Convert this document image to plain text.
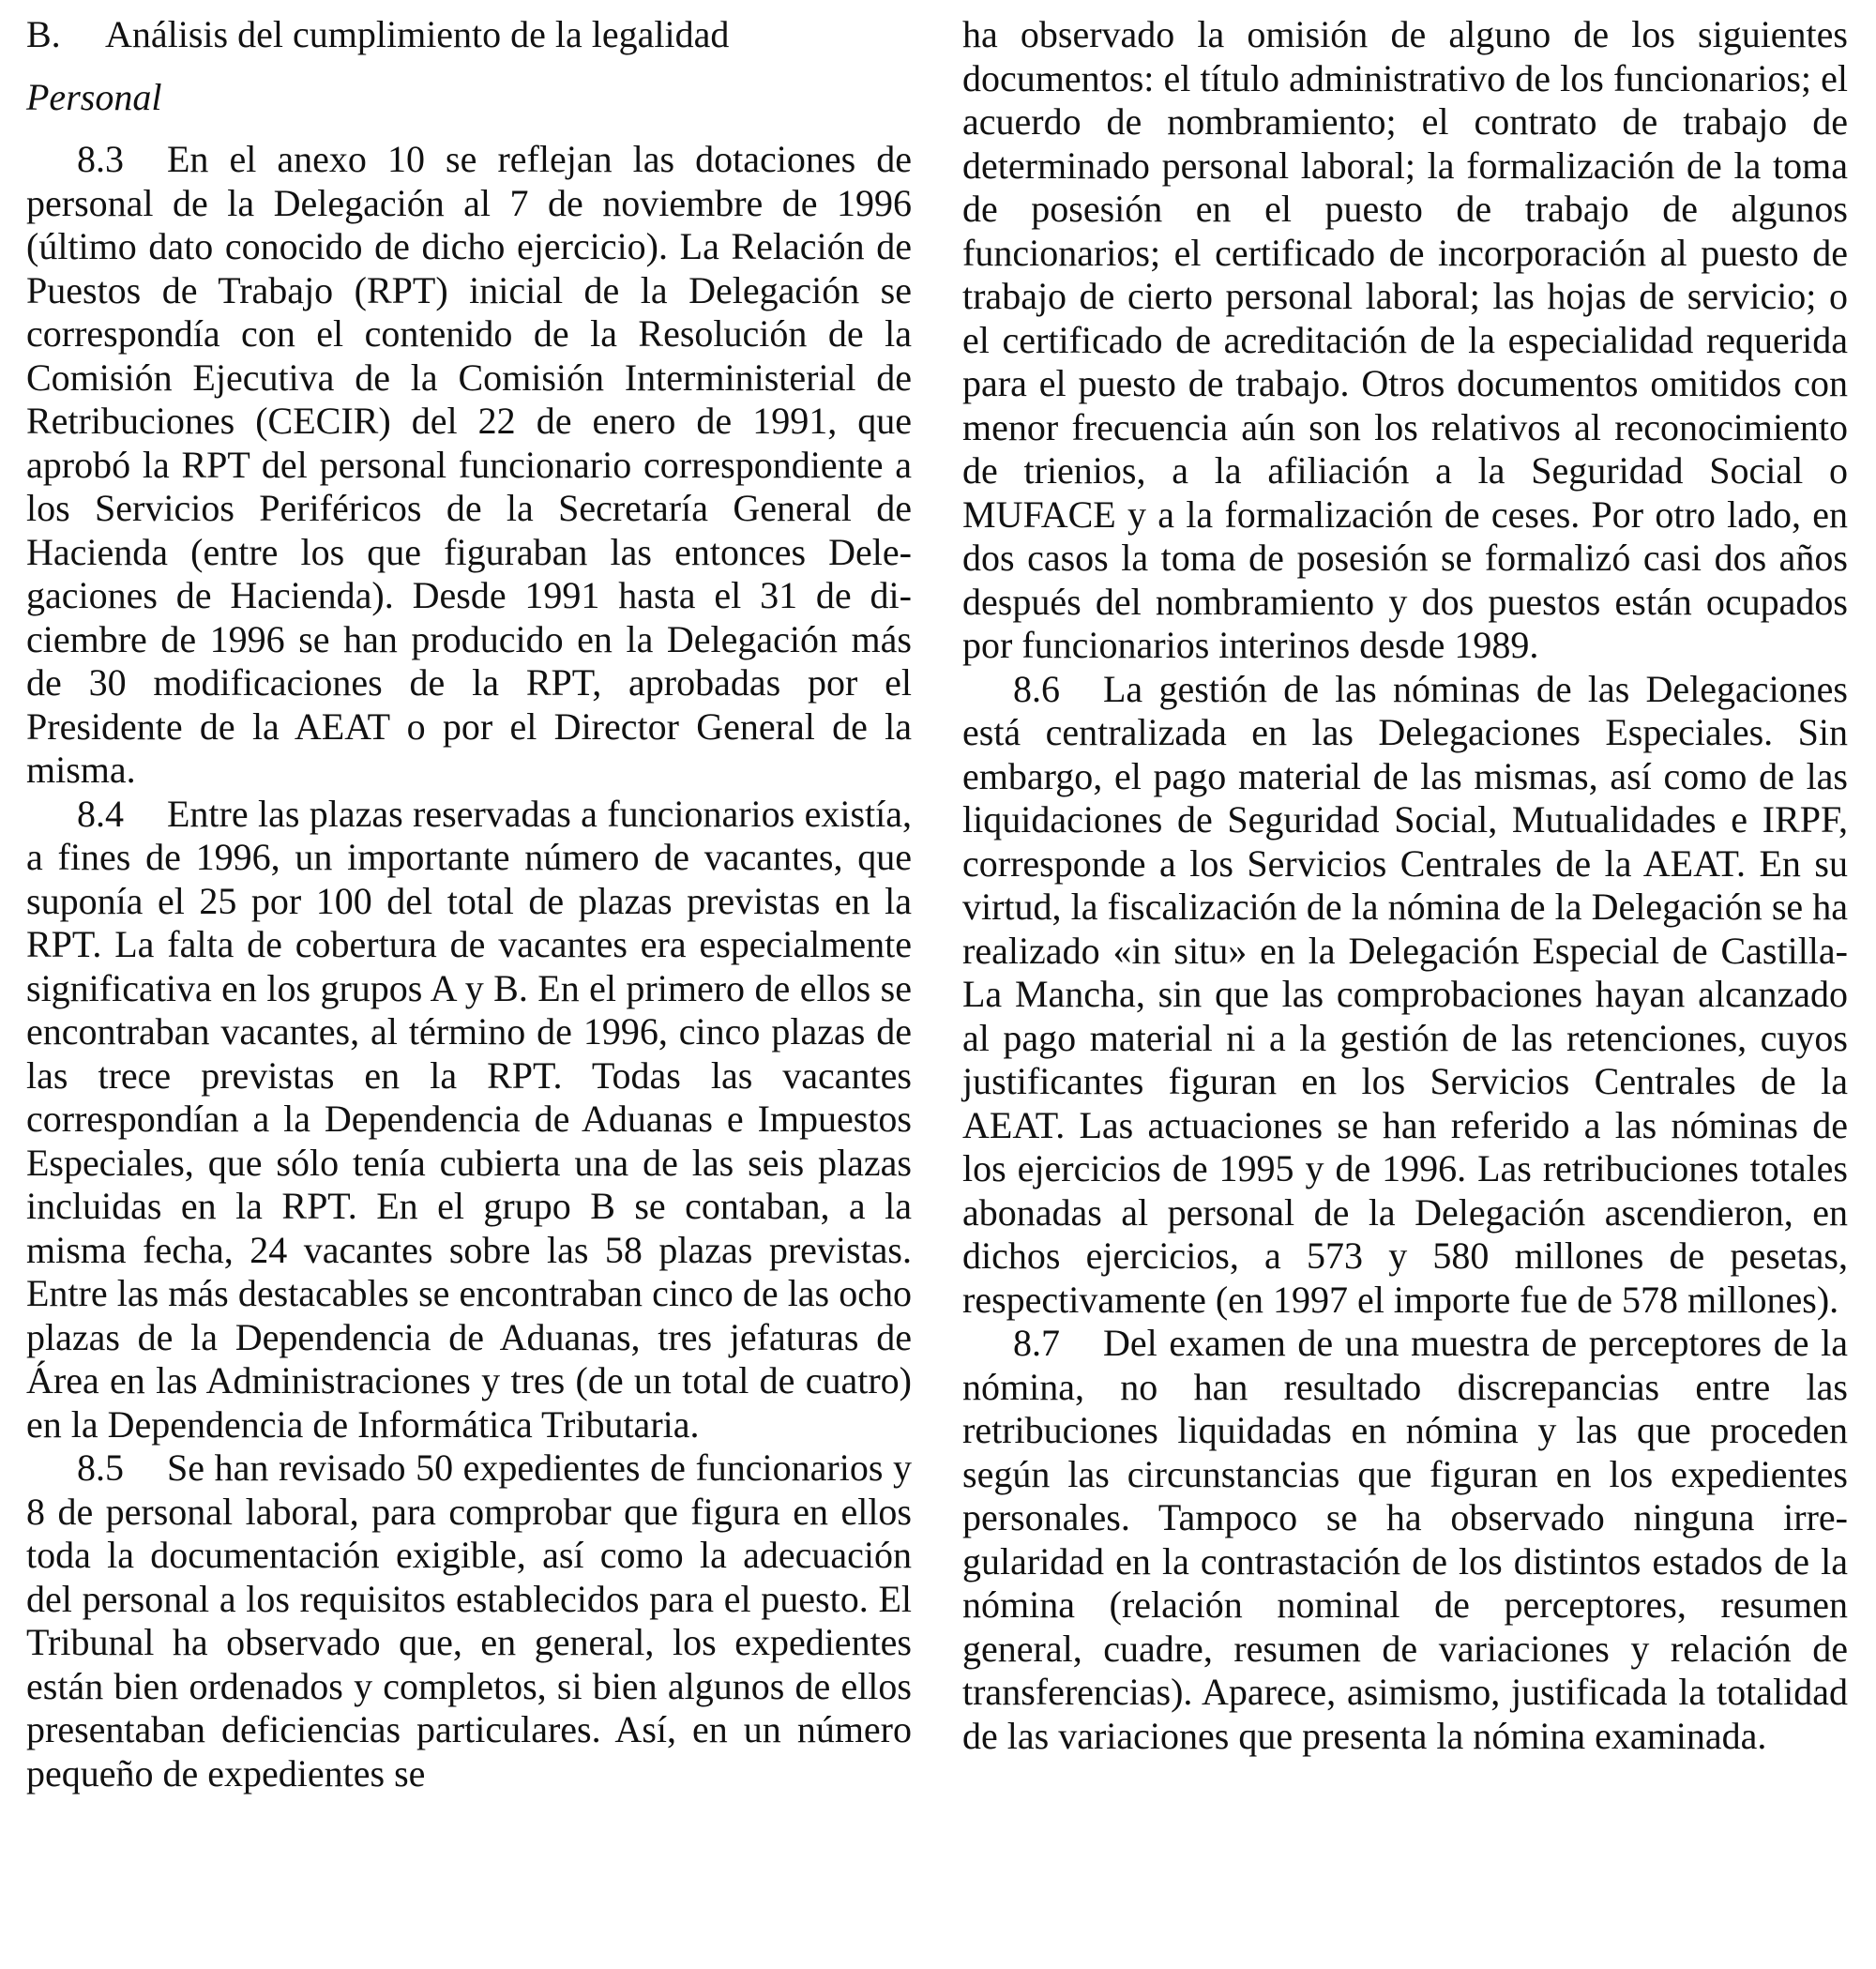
B. Análisis del cumplimiento de la legalidad
Personal

8.3 En el anexo 10 se reflejan las dotaciones de personal de la Delegación al 7 de noviembre de 1996 (último dato conocido de dicho ejercicio). La Relación de Puestos de Trabajo (RPT) inicial de la Delegación se correspondía con el contenido de la Resolución de la Comisión Ejecutiva de la Comisión Interministerial de Retribuciones (CECIR) del 22 de enero de 1991, que aprobó la RPT del personal funcionario correspondiente a los Servicios Periféricos de la Secretaría General de Hacienda (entre los que figuraban las entonces Delegaciones de Hacienda). Desde 1991 hasta el 31 de diciembre de 1996 se han producido en la Delegación más de 30 modificaciones de la RPT, aprobadas por el Presidente de la AEAT o por el Director General de la misma.

8.4 Entre las plazas reservadas a funcionarios existía, a fines de 1996, un importante número de vacantes, que suponía el 25 por 100 del total de plazas previstas en la RPT. La falta de cobertura de vacantes era especialmente significativa en los grupos A y B. En el primero de ellos se encontraban vacantes, al término de 1996, cinco plazas de las trece previstas en la RPT. Todas las vacantes correspondían a la Dependencia de Aduanas e Impuestos Especiales, que sólo tenía cubierta una de las seis plazas incluidas en la RPT. En el grupo B se contaban, a la misma fecha, 24 vacantes sobre las 58 plazas previstas. Entre las más destacables se encontraban cinco de las ocho plazas de la Dependencia de Aduanas, tres jefaturas de Área en las Administraciones y tres (de un total de cuatro) en la Dependencia de Informática Tributaria.

8.5 Se han revisado 50 expedientes de funcionarios y 8 de personal laboral, para comprobar que figura en ellos toda la documentación exigible, así como la adecuación del personal a los requisitos establecidos para el puesto. El Tribunal ha observado que, en general, los expedientes están bien ordenados y completos, si bien algunos de ellos presentaban deficiencias particulares. Así, en un número pequeño de expedientes se

ha observado la omisión de alguno de los siguientes documentos: el título administrativo de los funcionarios; el acuerdo de nombramiento; el contrato de trabajo de determinado personal laboral; la formalización de la toma de posesión en el puesto de trabajo de algunos funcionarios; el certificado de incorporación al puesto de trabajo de cierto personal laboral; las hojas de servicio; o el certificado de acreditación de la especialidad requerida para el puesto de trabajo. Otros documentos omitidos con menor frecuencia aún son los relativos al reconocimiento de trienios, a la afiliación a la Seguridad Social o MUFACE y a la formalización de ceses. Por otro lado, en dos casos la toma de posesión se formalizó casi dos años después del nombramiento y dos puestos están ocupados por funcionarios interinos desde 1989.

8.6 La gestión de las nóminas de las Delegaciones está centralizada en las Delegaciones Especiales. Sin embargo, el pago material de las mismas, así como de las liquidaciones de Seguridad Social, Mutualidades e IRPF, corresponde a los Servicios Centrales de la AEAT. En su virtud, la fiscalización de la nómina de la Delegación se ha realizado «in situ» en la Delegación Especial de Castilla-La Mancha, sin que las comprobaciones hayan alcanzado al pago material ni a la gestión de las retenciones, cuyos justificantes figuran en los Servicios Centrales de la AEAT. Las actuaciones se han referido a las nóminas de los ejercicios de 1995 y de 1996. Las retribuciones totales abonadas al personal de la Delegación ascendieron, en dichos ejercicios, a 573 y 580 millones de pesetas, respectivamente (en 1997 el importe fue de 578 millones).

8.7 Del examen de una muestra de perceptores de la nómina, no han resultado discrepancias entre las retribuciones liquidadas en nómina y las que proceden según las circunstancias que figuran en los expedientes personales. Tampoco se ha observado ninguna irregularidad en la contrastación de los distintos estados de la nómina (relación nominal de perceptores, resumen general, cuadre, resumen de variaciones y relación de transferencias). Aparece, asimismo, justificada la totalidad de las variaciones que presenta la nómina examinada.
